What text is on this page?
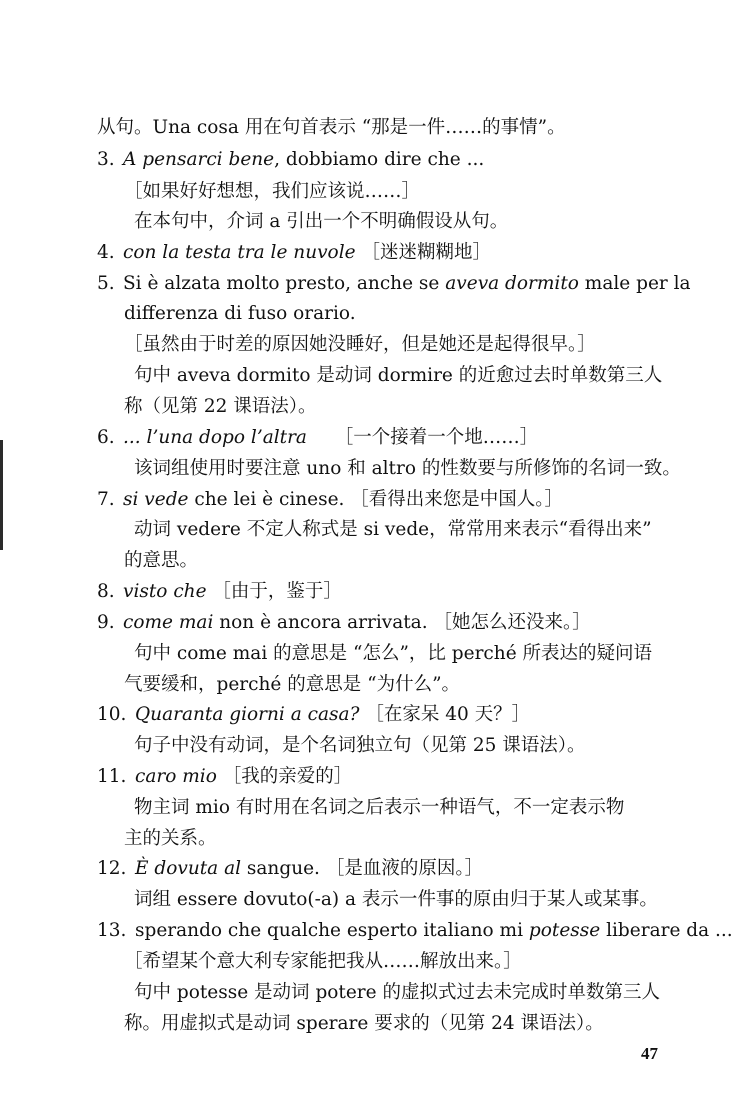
从句。Una cosa 用在句首表示 “那是一件……的事情”。
3. A pensarci bene, dobbiamo dire che ...
［如果好好想想，我们应该说……］
在本句中，介词 a 引出一个不明确假设从句。
4. con la testa tra le nuvole ［迷迷糊糊地］
5. Si è alzata molto presto, anche se aveva dormito male per la
differenza di fuso orario.
［虽然由于时差的原因她没睡好，但是她还是起得很早。］
句中 aveva dormito 是动词 dormire 的近愈过去时单数第三人
称（见第 22 课语法）。
6. ... l’una dopo l’altra　　［一个接着一个地……］
该词组使用时要注意 uno 和 altro 的性数要与所修饰的名词一致。
7. si vede che lei è cinese. ［看得出来您是中国人。］
动词 vedere 不定人称式是 si vede，常常用来表示“看得出来”
的意思。
8. visto che ［由于，鉴于］
9. come mai non è ancora arrivata. ［她怎么还没来。］
句中 come mai 的意思是 “怎么”，比 perché 所表达的疑问语
气要缓和，perché 的意思是 “为什么”。
10. Quaranta giorni a casa? ［在家呆 40 天？］
句子中没有动词，是个名词独立句（见第 25 课语法）。
11. caro mio ［我的亲爱的］
物主词 mio 有时用在名词之后表示一种语气，不一定表示物
主的关系。
12. È dovuta al sangue. ［是血液的原因。］
词组 essere dovuto(-a) a 表示一件事的原由归于某人或某事。
13. sperando che qualche esperto italiano mi potesse liberare da ...
［希望某个意大利专家能把我从……解放出来。］
句中 potesse 是动词 potere 的虚拟式过去未完成时单数第三人
称。用虚拟式是动词 sperare 要求的（见第 24 课语法）。
47
